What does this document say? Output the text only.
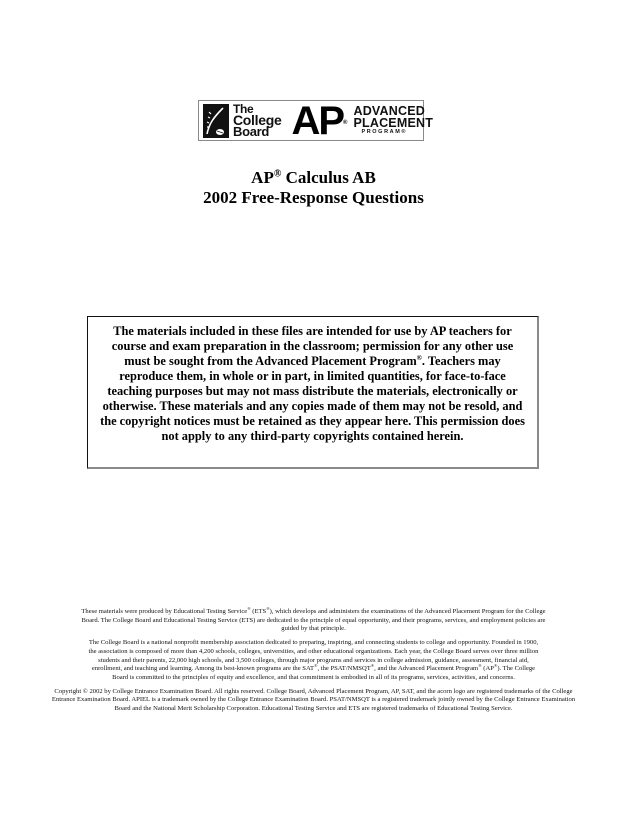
The
College
Board AP®
ADVANCED
PLACEMENT
PROGRAM®
AP® Calculus AB
2002 Free-Response Questions
The materials included in these files are intended for use by AP teachers for course and exam preparation in the classroom; permission for any other use must be sought from the Advanced Placement Program®. Teachers may reproduce them, in whole or in part, in limited quantities, for face-to-face teaching purposes but may not mass distribute the materials, electronically or otherwise. These materials and any copies made of them may not be resold, and the copyright notices must be retained as they appear here. This permission does not apply to any third-party copyrights contained herein.

These materials were produced by Educational Testing Service® (ETS®), which develops and administers the examinations of the Advanced Placement Program for the College Board. The College Board and Educational Testing Service (ETS) are dedicated to the principle of equal opportunity, and their programs, services, and employment policies are guided by that principle.

The College Board is a national nonprofit membership association dedicated to preparing, inspiring, and connecting students to college and opportunity. Founded in 1900, the association is composed of more than 4,200 schools, colleges, universities, and other educational organizations. Each year, the College Board serves over three million students and their parents, 22,000 high schools, and 3,500 colleges, through major programs and services in college admission, guidance, assessment, financial aid, enrollment, and teaching and learning. Among its best-known programs are the SAT®, the PSAT/NMSQT®, and the Advanced Placement Program® (AP®). The College Board is committed to the principles of equity and excellence, and that commitment is embodied in all of its programs, services, activities, and concerns.

Copyright © 2002 by College Entrance Examination Board. All rights reserved. College Board, Advanced Placement Program, AP, SAT, and the acorn logo are registered trademarks of the College Entrance Examination Board. APIEL is a trademark owned by the College Entrance Examination Board. PSAT/NMSQT is a registered trademark jointly owned by the College Entrance Examination Board and the National Merit Scholarship Corporation. Educational Testing Service and ETS are registered trademarks of Educational Testing Service.
